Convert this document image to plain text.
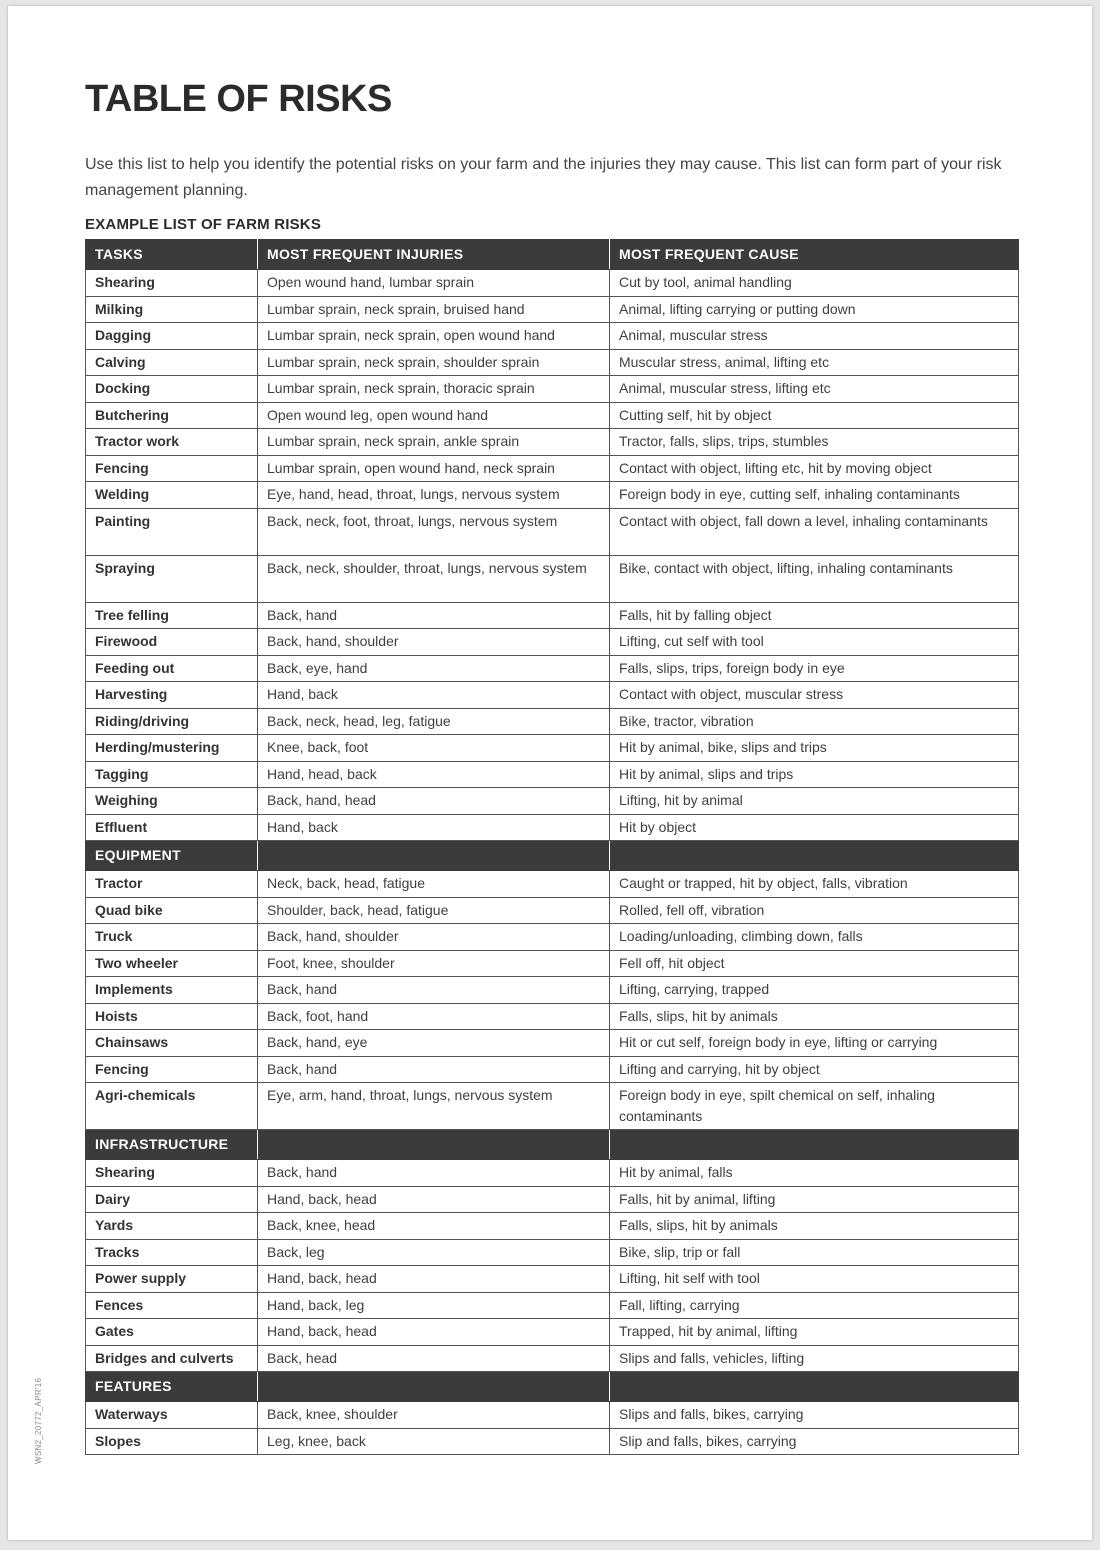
TABLE OF RISKS

Use this list to help you identify the potential risks on your farm and the injuries they may cause. This list can form part of your risk management planning.

EXAMPLE LIST OF FARM RISKS
TASKS	MOST FREQUENT INJURIES	MOST FREQUENT CAUSE
Shearing	Open wound hand, lumbar sprain	Cut by tool, animal handling
Milking	Lumbar sprain, neck sprain, bruised hand	Animal, lifting carrying or putting down
Dagging	Lumbar sprain, neck sprain, open wound hand	Animal, muscular stress
Calving	Lumbar sprain, neck sprain, shoulder sprain	Muscular stress, animal, lifting etc
Docking	Lumbar sprain, neck sprain, thoracic sprain	Animal, muscular stress, lifting etc
Butchering	Open wound leg, open wound hand	Cutting self, hit by object
Tractor work	Lumbar sprain, neck sprain, ankle sprain	Tractor, falls, slips, trips, stumbles
Fencing	Lumbar sprain, open wound hand, neck sprain	Contact with object, lifting etc, hit by moving object
Welding	Eye, hand, head, throat, lungs, nervous system	Foreign body in eye, cutting self, inhaling contaminants
Painting	Back, neck, foot, throat, lungs, nervous system	Contact with object, fall down a level, inhaling contaminants
Spraying	Back, neck, shoulder, throat, lungs, nervous system	Bike, contact with object, lifting, inhaling contaminants
Tree felling	Back, hand	Falls, hit by falling object
Firewood	Back, hand, shoulder	Lifting, cut self with tool
Feeding out	Back, eye, hand	Falls, slips, trips, foreign body in eye
Harvesting	Hand, back	Contact with object, muscular stress
Riding/driving	Back, neck, head, leg, fatigue	Bike, tractor, vibration
Herding/mustering	Knee, back, foot	Hit by animal, bike, slips and trips
Tagging	Hand, head, back	Hit by animal, slips and trips
Weighing	Back, hand, head	Lifting, hit by animal
Effluent	Hand, back	Hit by object
EQUIPMENT		
Tractor	Neck, back, head, fatigue	Caught or trapped, hit by object, falls, vibration
Quad bike	Shoulder, back, head, fatigue	Rolled, fell off, vibration
Truck	Back, hand, shoulder	Loading/unloading, climbing down, falls
Two wheeler	Foot, knee, shoulder	Fell off, hit object
Implements	Back, hand	Lifting, carrying, trapped
Hoists	Back, foot, hand	Falls, slips, hit by animals
Chainsaws	Back, hand, eye	Hit or cut self, foreign body in eye, lifting or carrying
Fencing	Back, hand	Lifting and carrying, hit by object
Agri-chemicals	Eye, arm, hand, throat, lungs, nervous system	Foreign body in eye, spilt chemical on self, inhaling contaminants
INFRASTRUCTURE		
Shearing	Back, hand	Hit by animal, falls
Dairy	Hand, back, head	Falls, hit by animal, lifting
Yards	Back, knee, head	Falls, slips, hit by animals
Tracks	Back, leg	Bike, slip, trip or fall
Power supply	Hand, back, head	Lifting, hit self with tool
Fences	Hand, back, leg	Fall, lifting, carrying
Gates	Hand, back, head	Trapped, hit by animal, lifting
Bridges and culverts	Back, head	Slips and falls, vehicles, lifting
FEATURES		
Waterways	Back, knee, shoulder	Slips and falls, bikes, carrying
Slopes	Leg, knee, back	Slip and falls, bikes, carrying
WSN2_20772_APR'16
